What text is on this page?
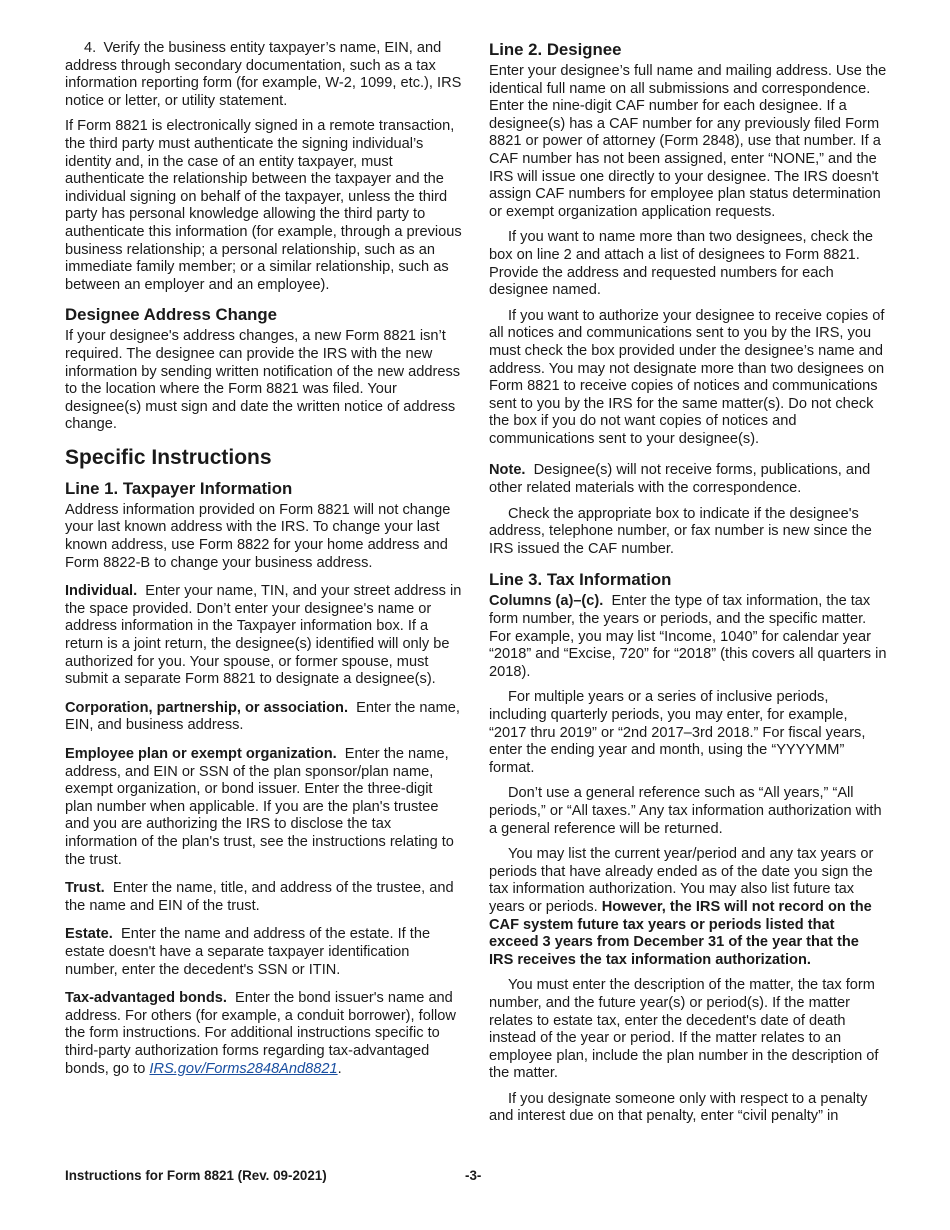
4. Verify the business entity taxpayer’s name, EIN, and address through secondary documentation, such as a tax information reporting form (for example, W-2, 1099, etc.), IRS notice or letter, or utility statement.

If Form 8821 is electronically signed in a remote transaction, the third party must authenticate the signing individual’s identity and, in the case of an entity taxpayer, must authenticate the relationship between the taxpayer and the individual signing on behalf of the taxpayer, unless the third party has personal knowledge allowing the third party to authenticate this information (for example, through a previous business relationship; a personal relationship, such as an immediate family member; or a similar relationship, such as between an employer and an employee).

Designee Address Change

If your designee's address changes, a new Form 8821 isn’t required. The designee can provide the IRS with the new information by sending written notification of the new address to the location where the Form 8821 was filed. Your designee(s) must sign and date the written notice of address change.

Specific Instructions
Line 1. Taxpayer Information

Address information provided on Form 8821 will not change your last known address with the IRS. To change your last known address, use Form 8822 for your home address and Form 8822-B to change your business address.

Individual. Enter your name, TIN, and your street address in the space provided. Don’t enter your designee's name or address information in the Taxpayer information box. If a return is a joint return, the designee(s) identified will only be authorized for you. Your spouse, or former spouse, must submit a separate Form 8821 to designate a designee(s).

Corporation, partnership, or association. Enter the name, EIN, and business address.

Employee plan or exempt organization. Enter the name, address, and EIN or SSN of the plan sponsor/plan name, exempt organization, or bond issuer. Enter the three-digit plan number when applicable. If you are the plan's trustee and you are authorizing the IRS to disclose the tax information of the plan's trust, see the instructions relating to the trust.

Trust. Enter the name, title, and address of the trustee, and the name and EIN of the trust.

Estate. Enter the name and address of the estate. If the estate doesn't have a separate taxpayer identification number, enter the decedent's SSN or ITIN.

Tax-advantaged bonds. Enter the bond issuer's name and address. For others (for example, a conduit borrower), follow the form instructions. For additional instructions specific to third-party authorization forms regarding tax-advantaged bonds, go to IRS.gov/Forms2848And8821.

Line 2. Designee

Enter your designee’s full name and mailing address. Use the identical full name on all submissions and correspondence. Enter the nine-digit CAF number for each designee. If a designee(s) has a CAF number for any previously filed Form 8821 or power of attorney (Form 2848), use that number. If a CAF number has not been assigned, enter “NONE,” and the IRS will issue one directly to your designee. The IRS doesn't assign CAF numbers for employee plan status determination or exempt organization application requests.

If you want to name more than two designees, check the box on line 2 and attach a list of designees to Form 8821. Provide the address and requested numbers for each designee named.

If you want to authorize your designee to receive copies of all notices and communications sent to you by the IRS, you must check the box provided under the designee’s name and address. You may not designate more than two designees on Form 8821 to receive copies of notices and communications sent to you by the IRS for the same matter(s). Do not check the box if you do not want copies of notices and communications sent to your designee(s).

Note. Designee(s) will not receive forms, publications, and other related materials with the correspondence.

Check the appropriate box to indicate if the designee's address, telephone number, or fax number is new since the IRS issued the CAF number.

Line 3. Tax Information

Columns (a)–(c). Enter the type of tax information, the tax form number, the years or periods, and the specific matter. For example, you may list “Income, 1040” for calendar year “2018” and “Excise, 720” for “2018” (this covers all quarters in 2018).

For multiple years or a series of inclusive periods, including quarterly periods, you may enter, for example, “2017 thru 2019” or “2nd 2017–3rd 2018.” For fiscal years, enter the ending year and month, using the “YYYYMM” format.

Don’t use a general reference such as “All years,” “All periods,” or “All taxes.” Any tax information authorization with a general reference will be returned.

You may list the current year/period and any tax years or periods that have already ended as of the date you sign the tax information authorization. You may also list future tax years or periods. However, the IRS will not record on the CAF system future tax years or periods listed that exceed 3 years from December 31 of the year that the IRS receives the tax information authorization.

You must enter the description of the matter, the tax form number, and the future year(s) or period(s). If the matter relates to estate tax, enter the decedent's date of death instead of the year or period. If the matter relates to an employee plan, include the plan number in the description of the matter.

If you designate someone only with respect to a penalty and interest due on that penalty, enter “civil penalty” in

Instructions for Form 8821 (Rev. 09-2021)	-3-
